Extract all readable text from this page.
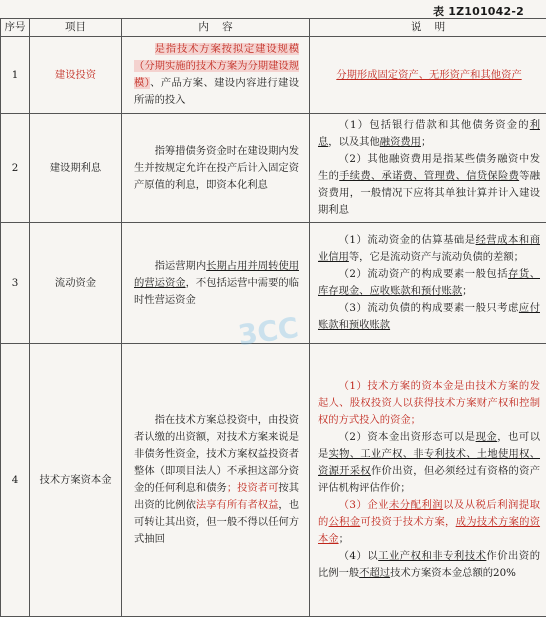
表 1Z101042-2
序号	项目	内    容	说    明
1	建设投资	是指技术方案按拟定建设规模（分期实施的技术方案为分期建设规模）、产品方案、建设内容进行建设所需的投入	分期形成固定资产、无形资产和其他资产

2	建设期利息	指筹措债务资金时在建设期内发生并按规定允许在投产后计入固定资产原值的利息，即资本化利息	（1）包括银行借款和其他债务资金的利息，以及其他融资费用；

（2）其他融资费用是指某些债务融资中发生的手续费、承诺费、管理费、信贷保险费等融资费用，一般情况下应将其单独计算并计入建设期利息

3	流动资金	指运营期内长期占用并周转使用的营运资金，不包括运营中需要的临时性营运资金	（1）流动资金的估算基础是经营成本和商业信用等，它是流动资产与流动负债的差额；

（2）流动资产的构成要素一般包括存货、库存现金、应收账款和预付账款；

（3）流动负债的构成要素一般只考虑应付账款和预收账款

4	技术方案资本金	指在技术方案总投资中，由投资者认缴的出资额，对技术方案来说是非债务性资金，技术方案权益投资者整体（即项目法人）不承担这部分资金的任何利息和债务；投资者可按其出资的比例依法享有所有者权益，也可转让其出资，但一般不得以任何方式抽回	（1）技术方案的资本金是由技术方案的发起人、股权投资人以获得技术方案财产权和控制权的方式投入的资金；

（2）资本金出资形态可以是现金，也可以是实物、工业产权、非专利技术、土地使用权、资源开采权作价出资，但必须经过有资格的资产评估机构评估作价；

（3）企业未分配利润以及从税后利润提取的公积金可投资于技术方案，成为技术方案的资本金；

（4）以工业产权和非专利技术作价出资的比例一般不超过技术方案资本金总额的20%

3CC
